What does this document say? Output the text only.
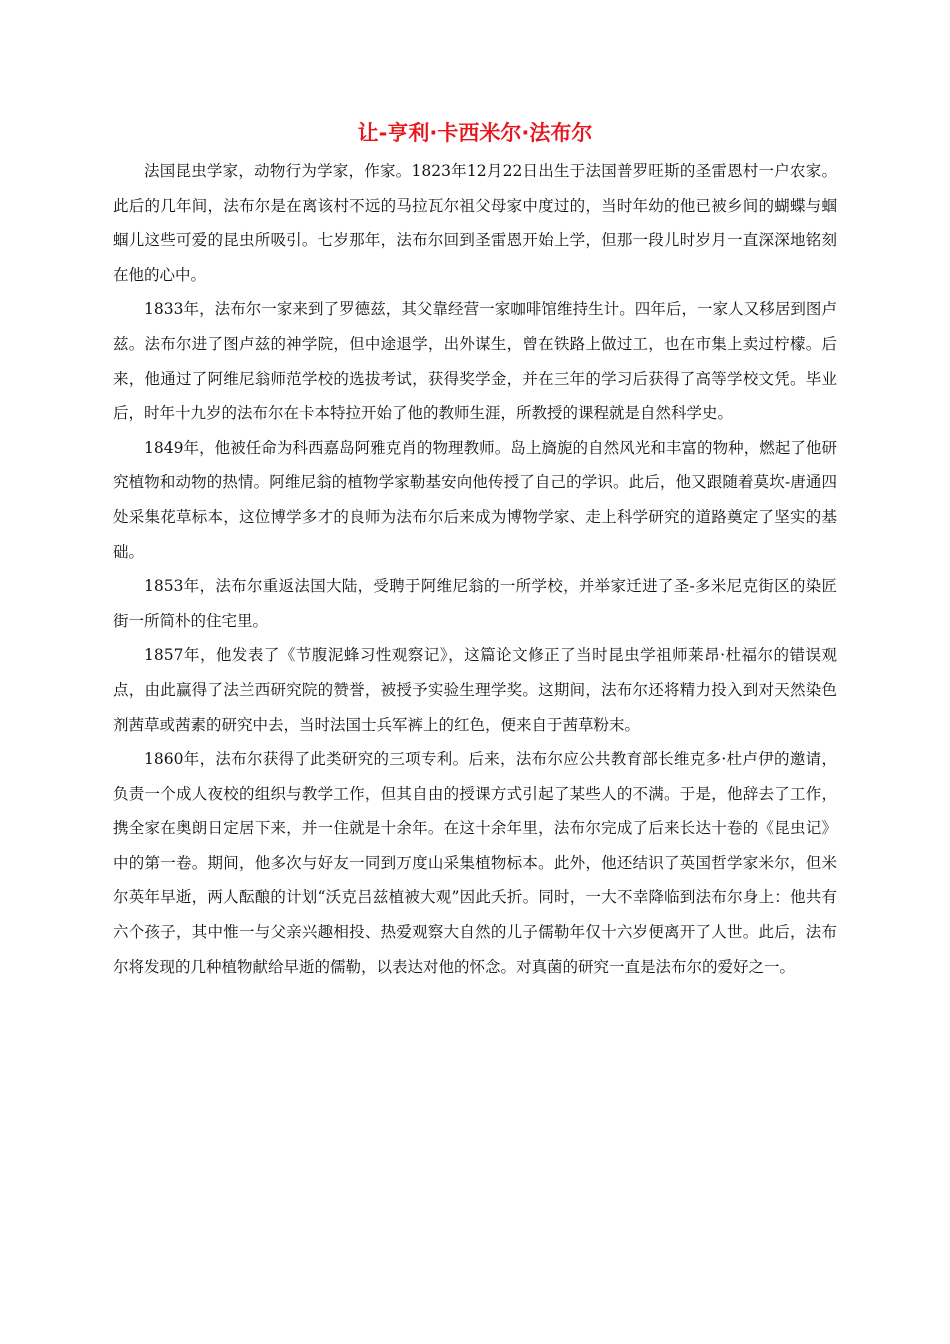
让-亨利·卡西米尔·法布尔

法国昆虫学家，动物行为学家，作家。1823年12月22日出生于法国普罗旺斯的圣雷恩村一户农家。此后的几年间，法布尔是在离该村不远的马拉瓦尔祖父母家中度过的，当时年幼的他已被乡间的蝴蝶与蝈蝈儿这些可爱的昆虫所吸引。七岁那年，法布尔回到圣雷恩开始上学，但那一段儿时岁月一直深深地铭刻在他的心中。

1833年，法布尔一家来到了罗德兹，其父靠经营一家咖啡馆维持生计。四年后，一家人又移居到图卢兹。法布尔进了图卢兹的神学院，但中途退学，出外谋生，曾在铁路上做过工，也在市集上卖过柠檬。后来，他通过了阿维尼翁师范学校的选拔考试，获得奖学金，并在三年的学习后获得了高等学校文凭。毕业后，时年十九岁的法布尔在卡本特拉开始了他的教师生涯，所教授的课程就是自然科学史。

1849年，他被任命为科西嘉岛阿雅克肖的物理教师。岛上旖旎的自然风光和丰富的物种，燃起了他研究植物和动物的热情。阿维尼翁的植物学家勒基安向他传授了自己的学识。此后，他又跟随着莫坎-唐通四处采集花草标本，这位博学多才的良师为法布尔后来成为博物学家、走上科学研究的道路奠定了坚实的基础。

1853年，法布尔重返法国大陆，受聘于阿维尼翁的一所学校，并举家迁进了圣-多米尼克街区的染匠街一所简朴的住宅里。

1857年，他发表了《节腹泥蜂习性观察记》，这篇论文修正了当时昆虫学祖师莱昂·杜福尔的错误观点，由此赢得了法兰西研究院的赞誉，被授予实验生理学奖。这期间，法布尔还将精力投入到对天然染色剂茜草或茜素的研究中去，当时法国士兵军裤上的红色，便来自于茜草粉末。

1860年，法布尔获得了此类研究的三项专利。后来，法布尔应公共教育部长维克多·杜卢伊的邀请，负责一个成人夜校的组织与教学工作，但其自由的授课方式引起了某些人的不满。于是，他辞去了工作，携全家在奥朗日定居下来，并一住就是十余年。在这十余年里，法布尔完成了后来长达十卷的《昆虫记》中的第一卷。期间，他多次与好友一同到万度山采集植物标本。此外，他还结识了英国哲学家米尔，但米尔英年早逝，两人酝酿的计划“沃克吕兹植被大观”因此夭折。同时，一大不幸降临到法布尔身上：他共有六个孩子，其中惟一与父亲兴趣相投、热爱观察大自然的儿子儒勒年仅十六岁便离开了人世。此后，法布尔将发现的几种植物献给早逝的儒勒，以表达对他的怀念。对真菌的研究一直是法布尔的爱好之一。
